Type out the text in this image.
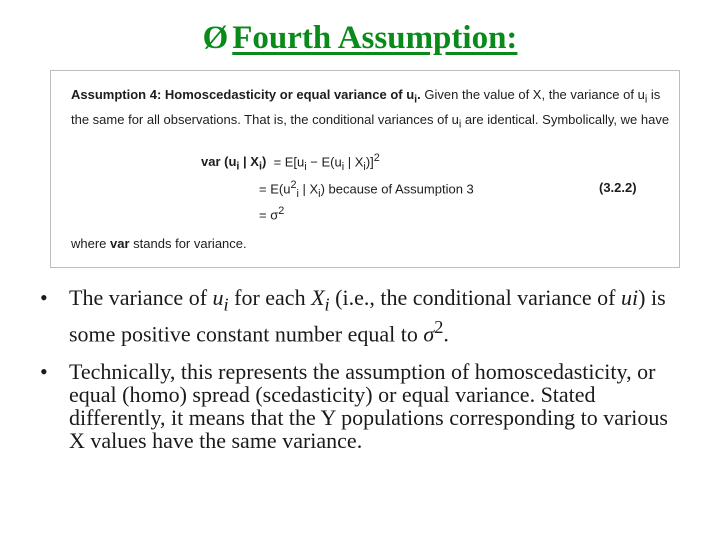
Ø Fourth Assumption:
Assumption 4: Homoscedasticity or equal variance of $u_i$. Given the value of X, the variance of $u_i$ is the same for all observations. That is, the conditional variances of $u_i$ are identical. Symbolically, we have
var ($u_i$ | $X_i) = E[u_i - E(u_i$ | $X_i)]^2$
= $E(u^2_i$ | $X_i$) because of Assumption 3	(3.2.2)
= $\sigma^2$
where var stands for variance.
• The variance of $u_i$ for each $X_i$ (i.e., the conditional variance of ui) is some positive constant number equal to $\sigma^2$.
• Technically, this represents the assumption of homoscedasticity, or equal (homo) spread (scedasticity) or equal variance. Stated differently, it means that the Y populations corresponding to various X values have the same variance.
